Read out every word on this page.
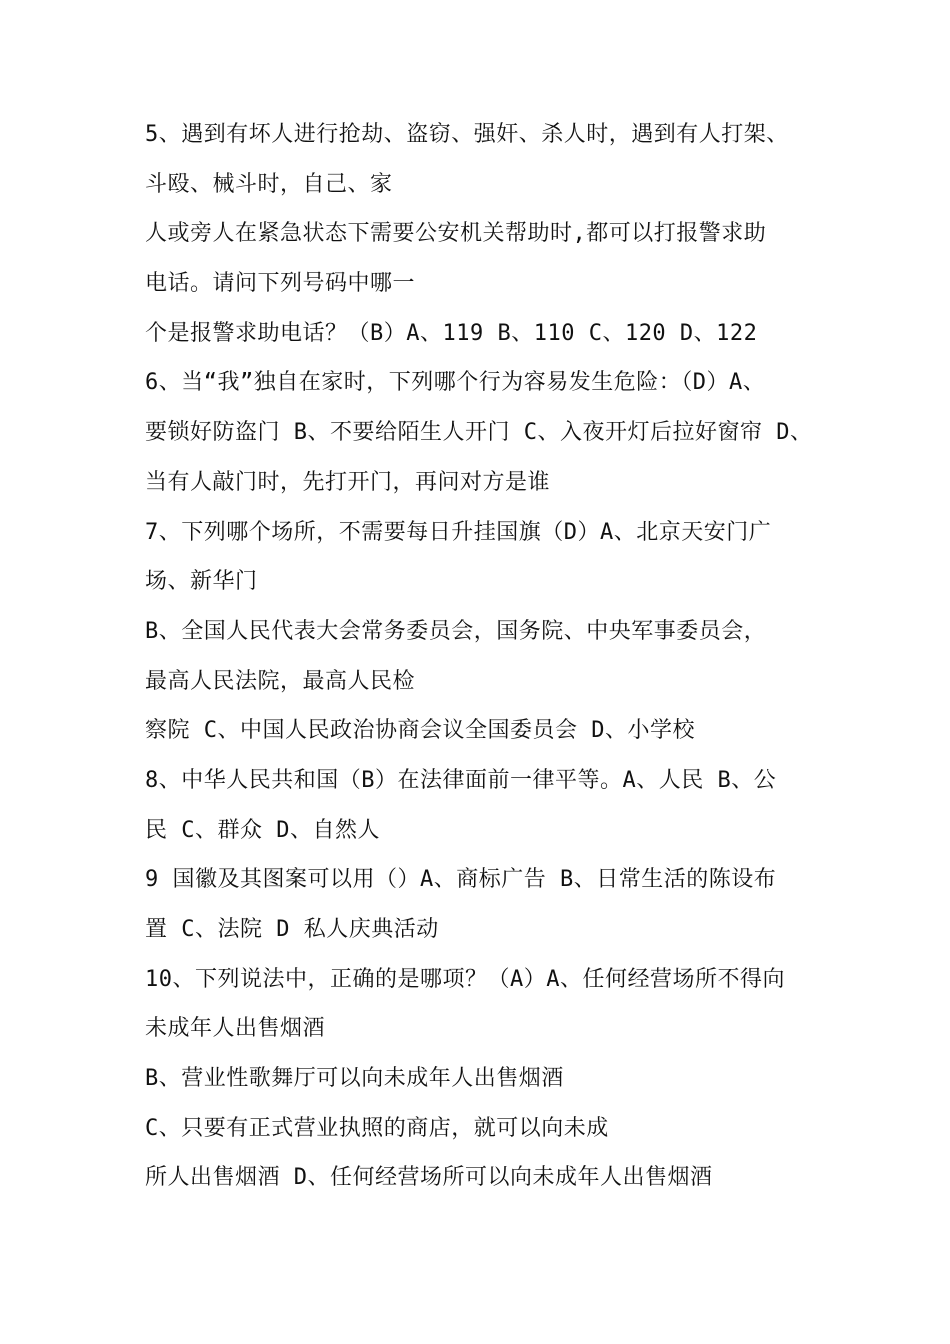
5、遇到有坏人进行抢劫、盗窃、强奸、杀人时，遇到有人打架、
斗殴、械斗时，自己、家
人或旁人在紧急状态下需要公安机关帮助时,都可以打报警求助
电话。请问下列号码中哪一
个是报警求助电话？（B）A、119 B、110 C、120 D、122
6、当“我”独自在家时，下列哪个行为容易发生危险：（D）A、
要锁好防盗门 B、不要给陌生人开门 C、入夜开灯后拉好窗帘 D、
当有人敲门时，先打开门，再问对方是谁
7、下列哪个场所，不需要每日升挂国旗（D）A、北京天安门广
场、新华门
B、全国人民代表大会常务委员会，国务院、中央军事委员会，
最高人民法院，最高人民检
察院 C、中国人民政治协商会议全国委员会 D、小学校
8、中华人民共和国（B）在法律面前一律平等。A、人民 B、公
民 C、群众 D、自然人
9 国徽及其图案可以用（）A、商标广告 B、日常生活的陈设布
置 C、法院 D 私人庆典活动
10、下列说法中，正确的是哪项？（A）A、任何经营场所不得向
未成年人出售烟酒
B、营业性歌舞厅可以向未成年人出售烟酒
C、只要有正式营业执照的商店，就可以向未成
所人出售烟酒 D、任何经营场所可以向未成年人出售烟酒
